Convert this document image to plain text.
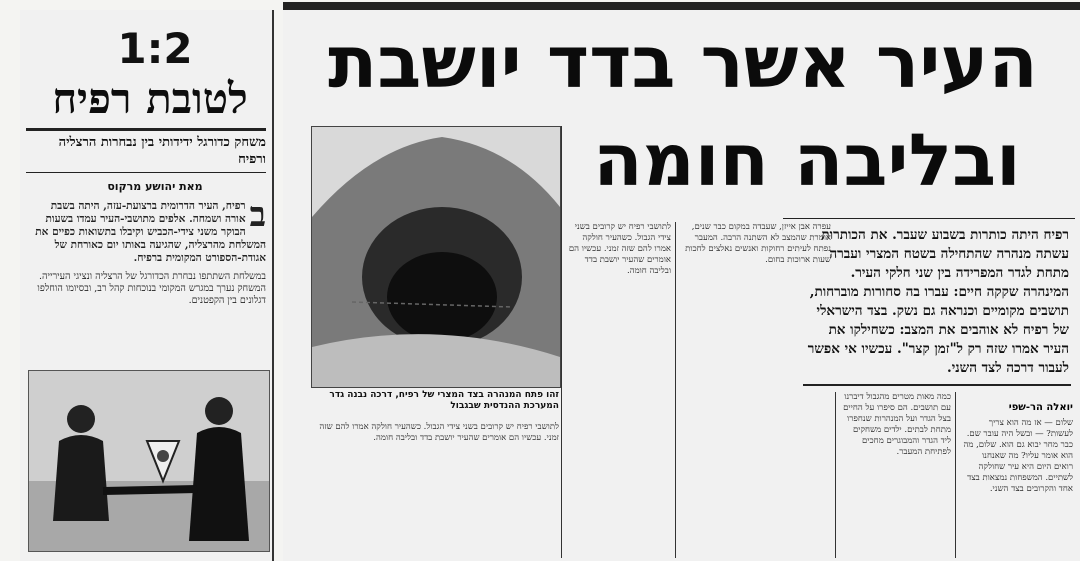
1:2
לטובת רפיח
משחק כדורגל ידידותי בין נבחרות הרצליה ורפיח
מאת יהושע מרקוס
ב
רפיח, העיר הדרומית ברצועת-עזה, היתה בשבת אורה ושמחה. אלפים מתושבי-העיר עמדו בשעות הבוקר משני צידי-הכביש וקיבלו בתשואות כפיים את המשלחת מהרצליה, שהגיעה באותו יום כאורחת של אגודת-הספורט המקומית ברפיח.
במשלחת השתתפו נבחרת הכדורגל של הרצליה ונציגי העירייה. המשחק נערך במגרש המקומי בנוכחות קהל רב, ובסיומו הוחלפו דגלונים בין הקפטנים.
העיר אשר בדד יושבת
ובליבה חומה
זהו פתח המנהרה בצד המצרי של רפיח, דרכה נבנה גדר המערכת ההנדסית שבגבול
רפיח היתה כותרות בשבוע שעבר. את הכותרות עשתה מנהרה שהתחילה בשטח המצרי ועברה מתחת לגדר המפרידה בין שני חלקי העיר. המינהרה שקקה חיים: עברו בה סחורות מוברחות, תושבים מקומיים וכנראה גם נשק. בצד הישראלי של רפיח לא אוהבים את המצב: כשחילקו את העיר אמרו שזה רק ל"זמן קצר". עכשיו אי אפשר לעבור דרכה לצד השני.
יואלה הר-שפי
שלום — אז מה הוא צריך לעשות? — ובשל היה עובר שם. כבר מחר יבוא גם הוא. שלום, מה הוא אומר עליו? מה שאנחנו רואים היום היא עיר שחולקה לשתיים. המשפחות נמצאות בצד אחד והקרובים בצד השני.
כמה מאות מטרים מהגבול דיברנו עם תושבים. הם סיפרו על החיים בצל הגדר ועל המנהרות שנחפרו מתחת לבתים. ילדים משחקים ליד הגדר והמבוגרים מחכים לפתיחת המעבר.
עפרה אבן אייזן, שעבדה במקום כבר שנים, אומרת שהמצב לא השתנה הרבה. המעבר נפתח לעיתים רחוקות ואנשים נאלצים לחכות שעות ארוכות בחום.
לתושבי רפיח יש קרובים בשני צידי הגבול. כשהעיר חולקה אמרו להם שזה זמני. עכשיו הם אומרים שהעיר יושבת בדד ובליבה חומה.
לתושבי רפיח יש קרובים בשני צידי הגבול. כשהעיר חולקה אמרו להם שזה זמני. עכשיו הם אומרים שהעיר יושבת בדד ובליבה חומה.
